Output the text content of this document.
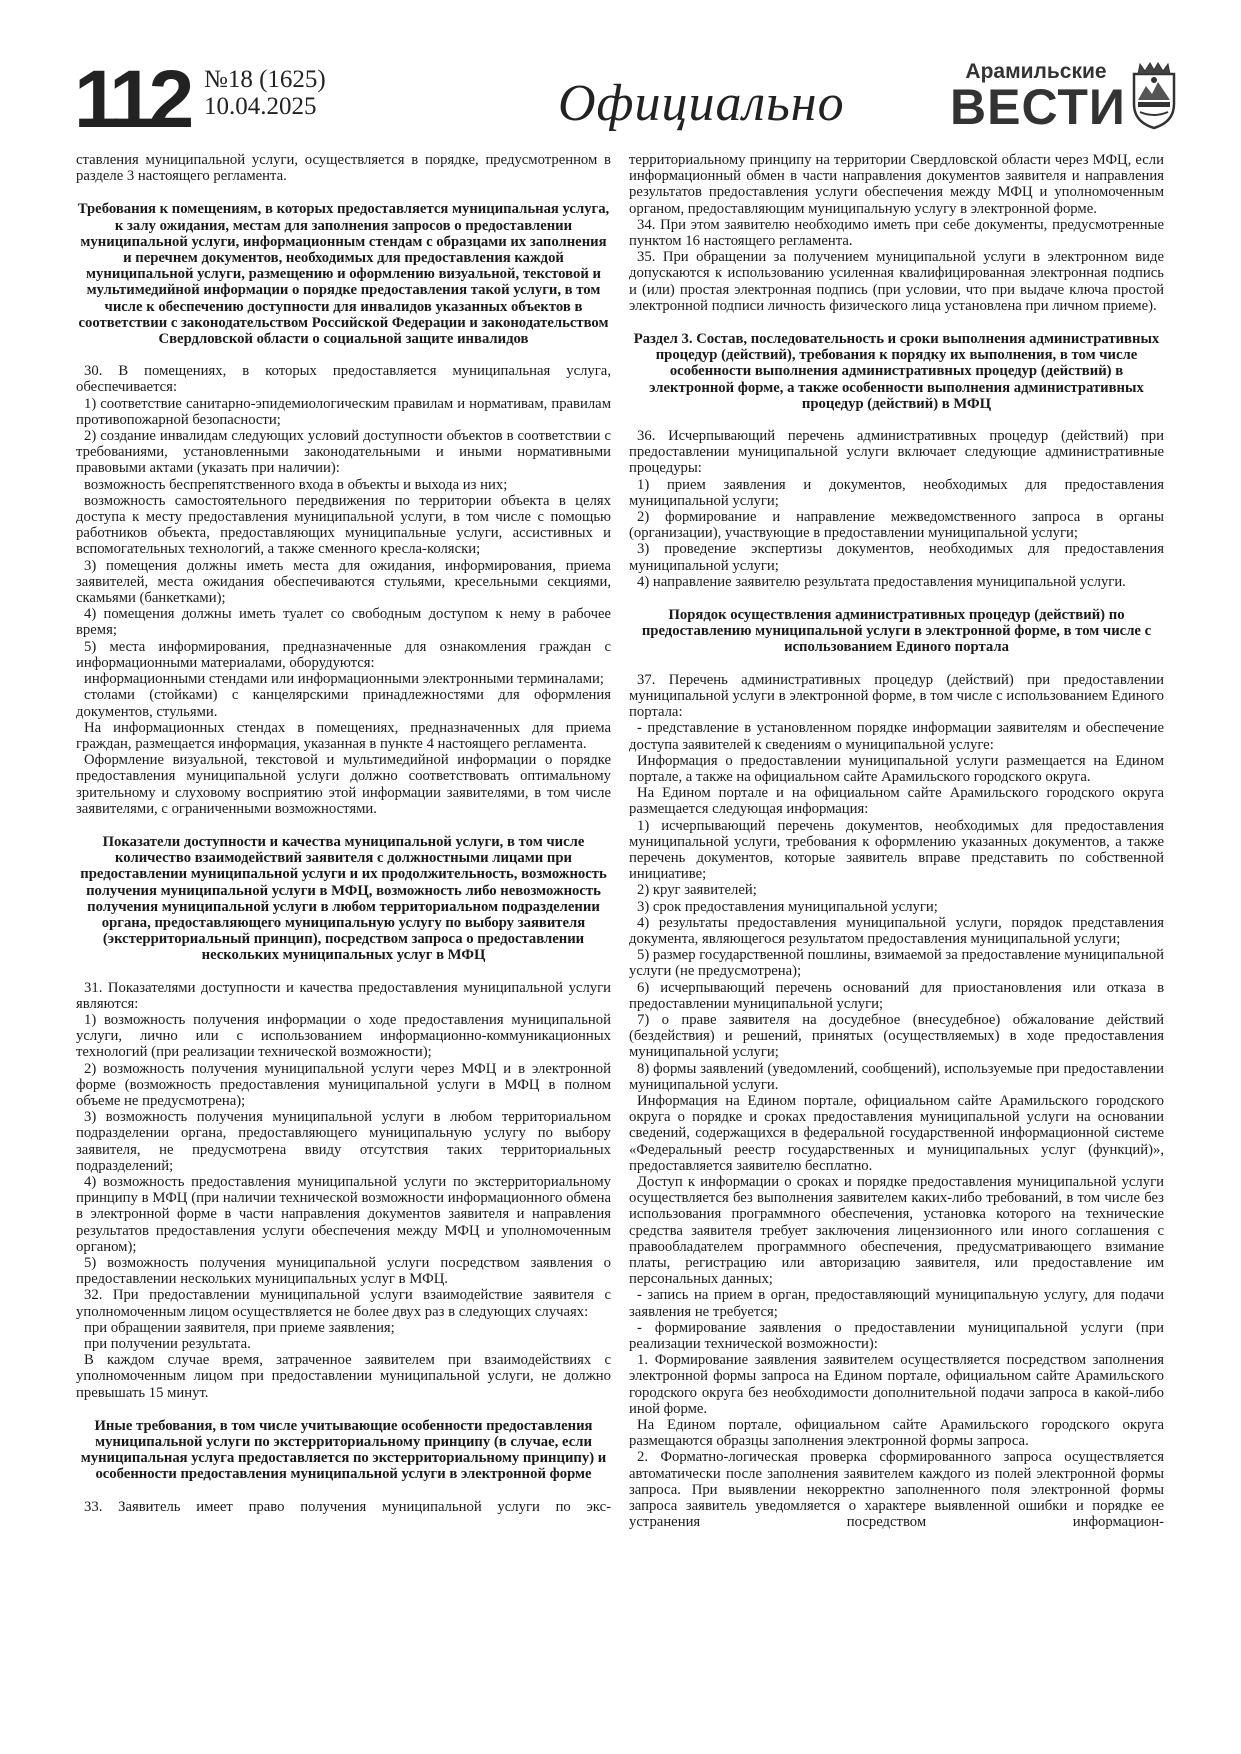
112 №18 (1625)
10.04.2025	Официально
Арамильские
ВЕСТИ

ставления муниципальной услуги, осуществляется в порядке, предусмотренном в разделе 3 настоящего регламента.

Требования к помещениям, в которых предоставляется муниципальная услуга, к залу ожидания, местам для заполнения запросов о предоставлении муниципальной услуги, информационным стендам с образцами их заполнения и перечнем документов, необходимых для предоставления каждой муниципальной услуги, размещению и оформлению визуальной, текстовой и мультимедийной информации о порядке предоставления такой услуги, в том числе к обеспечению доступности для инвалидов указанных объектов в соответствии с законодательством Российской Федерации и законодательством Свердловской области о социальной защите инвалидов

30. В помещениях, в которых предоставляется муниципальная услуга, обеспечивается:

1) соответствие санитарно-эпидемиологическим правилам и нормативам, правилам противопожарной безопасности;

2) создание инвалидам следующих условий доступности объектов в соответствии с требованиями, установленными законодательными и иными нормативными правовыми актами (указать при наличии):

возможность беспрепятственного входа в объекты и выхода из них;

возможность самостоятельного передвижения по территории объекта в целях доступа к месту предоставления муниципальной услуги, в том числе с помощью работников объекта, предоставляющих муниципальные услуги, ассистивных и вспомогательных технологий, а также сменного кресла-коляски;

3) помещения должны иметь места для ожидания, информирования, приема заявителей, места ожидания обеспечиваются стульями, кресельными секциями, скамьями (банкетками);

4) помещения должны иметь туалет со свободным доступом к нему в рабочее время;

5) места информирования, предназначенные для ознакомления граждан с информационными материалами, оборудуются:

информационными стендами или информационными электронными терминалами;

столами (стойками) с канцелярскими принадлежностями для оформления документов, стульями.

На информационных стендах в помещениях, предназначенных для приема граждан, размещается информация, указанная в пункте 4 настоящего регламента.

Оформление визуальной, текстовой и мультимедийной информации о порядке предоставления муниципальной услуги должно соответствовать оптимальному зрительному и слуховому восприятию этой информации заявителями, в том числе заявителями, с ограниченными возможностями.

Показатели доступности и качества муниципальной услуги, в том числе количество взаимодействий заявителя с должностными лицами при предоставлении муниципальной услуги и их продолжительность, возможность получения муниципальной услуги в МФЦ, возможность либо невозможность получения муниципальной услуги в любом территориальном подразделении органа, предоставляющего муниципальную услугу по выбору заявителя (экстерриториальный принцип), посредством запроса о предоставлении нескольких муниципальных услуг в МФЦ

31. Показателями доступности и качества предоставления муниципальной услуги являются:

1) возможность получения информации о ходе предоставления муниципальной услуги, лично или с использованием информационно-коммуникационных технологий (при реализации технической возможности);

2) возможность получения муниципальной услуги через МФЦ и в электронной форме (возможность предоставления муниципальной услуги в МФЦ в полном объеме не предусмотрена);

3) возможность получения муниципальной услуги в любом территориальном подразделении органа, предоставляющего муниципальную услугу по выбору заявителя, не предусмотрена ввиду отсутствия таких территориальных подразделений;

4) возможность предоставления муниципальной услуги по экстерриториальному принципу в МФЦ (при наличии технической возможности информационного обмена в электронной форме в части направления документов заявителя и направления результатов предоставления услуги обеспечения между МФЦ и уполномоченным органом);

5) возможность получения муниципальной услуги посредством заявления о предоставлении нескольких муниципальных услуг в МФЦ.

32. При предоставлении муниципальной услуги взаимодействие заявителя с уполномоченным лицом осуществляется не более двух раз в следующих случаях:

при обращении заявителя, при приеме заявления;

при получении результата.

В каждом случае время, затраченное заявителем при взаимодействиях с уполномоченным лицом при предоставлении муниципальной услуги, не должно превышать 15 минут.

Иные требования, в том числе учитывающие особенности предоставления муниципальной услуги по экстерриториальному принципу (в случае, если муниципальная услуга предоставляется по экстерриториальному принципу) и особенности предоставления муниципальной услуги в электронной форме

33. Заявитель имеет право получения муниципальной услуги по экс-

территориальному принципу на территории Свердловской области через МФЦ, если информационный обмен в части направления документов заявителя и направления результатов предоставления услуги обеспечения между МФЦ и уполномоченным органом, предоставляющим муниципальную услугу в электронной форме.

34. При этом заявителю необходимо иметь при себе документы, предусмотренные пунктом 16 настоящего регламента.

35. При обращении за получением муниципальной услуги в электронном виде допускаются к использованию усиленная квалифицированная электронная подпись и (или) простая электронная подпись (при условии, что при выдаче ключа простой электронной подписи личность физического лица установлена при личном приеме).

Раздел 3. Состав, последовательность и сроки выполнения административных процедур (действий), требования к порядку их выполнения, в том числе особенности выполнения административных процедур (действий) в электронной форме, а также особенности выполнения административных процедур (действий) в МФЦ

36. Исчерпывающий перечень административных процедур (действий) при предоставлении муниципальной услуги включает следующие административные процедуры:

1) прием заявления и документов, необходимых для предоставления муниципальной услуги;

2) формирование и направление межведомственного запроса в органы (организации), участвующие в предоставлении муниципальной услуги;

3) проведение экспертизы документов, необходимых для предоставления муниципальной услуги;

4) направление заявителю результата предоставления муниципальной услуги.

Порядок осуществления административных процедур (действий) по предоставлению муниципальной услуги в электронной форме, в том числе с использованием Единого портала

37. Перечень административных процедур (действий) при предоставлении муниципальной услуги в электронной форме, в том числе с использованием Единого портала:

- представление в установленном порядке информации заявителям и обеспечение доступа заявителей к сведениям о муниципальной услуге:

Информация о предоставлении муниципальной услуги размещается на Едином портале, а также на официальном сайте Арамильского городского округа.

На Едином портале и на официальном сайте Арамильского городского округа размещается следующая информация:

1) исчерпывающий перечень документов, необходимых для предоставления муниципальной услуги, требования к оформлению указанных документов, а также перечень документов, которые заявитель вправе представить по собственной инициативе;

2) круг заявителей;

3) срок предоставления муниципальной услуги;

4) результаты предоставления муниципальной услуги, порядок представления документа, являющегося результатом предоставления муниципальной услуги;

5) размер государственной пошлины, взимаемой за предоставление муниципальной услуги (не предусмотрена);

6) исчерпывающий перечень оснований для приостановления или отказа в предоставлении муниципальной услуги;

7) о праве заявителя на досудебное (внесудебное) обжалование действий (бездействия) и решений, принятых (осуществляемых) в ходе предоставления муниципальной услуги;

8) формы заявлений (уведомлений, сообщений), используемые при предоставлении муниципальной услуги.

Информация на Едином портале, официальном сайте Арамильского городского округа о порядке и сроках предоставления муниципальной услуги на основании сведений, содержащихся в федеральной государственной информационной системе «Федеральный реестр государственных и муниципальных услуг (функций)», предоставляется заявителю бесплатно.

Доступ к информации о сроках и порядке предоставления муниципальной услуги осуществляется без выполнения заявителем каких-либо требований, в том числе без использования программного обеспечения, установка которого на технические средства заявителя требует заключения лицензионного или иного соглашения с правообладателем программного обеспечения, предусматривающего взимание платы, регистрацию или авторизацию заявителя, или предоставление им персональных данных;

- запись на прием в орган, предоставляющий муниципальную услугу, для подачи заявления не требуется;

- формирование заявления о предоставлении муниципальной услуги (при реализации технической возможности):

1. Формирование заявления заявителем осуществляется посредством заполнения электронной формы запроса на Едином портале, официальном сайте Арамильского городского округа без необходимости дополнительной подачи запроса в какой-либо иной форме.

На Едином портале, официальном сайте Арамильского городского округа размещаются образцы заполнения электронной формы запроса.

2. Форматно-логическая проверка сформированного запроса осуществляется автоматически после заполнения заявителем каждого из полей электронной формы запроса. При выявлении некорректно заполненного поля электронной формы запроса заявитель уведомляется о характере выявленной ошибки и порядке ее устранения посредством информацион-
